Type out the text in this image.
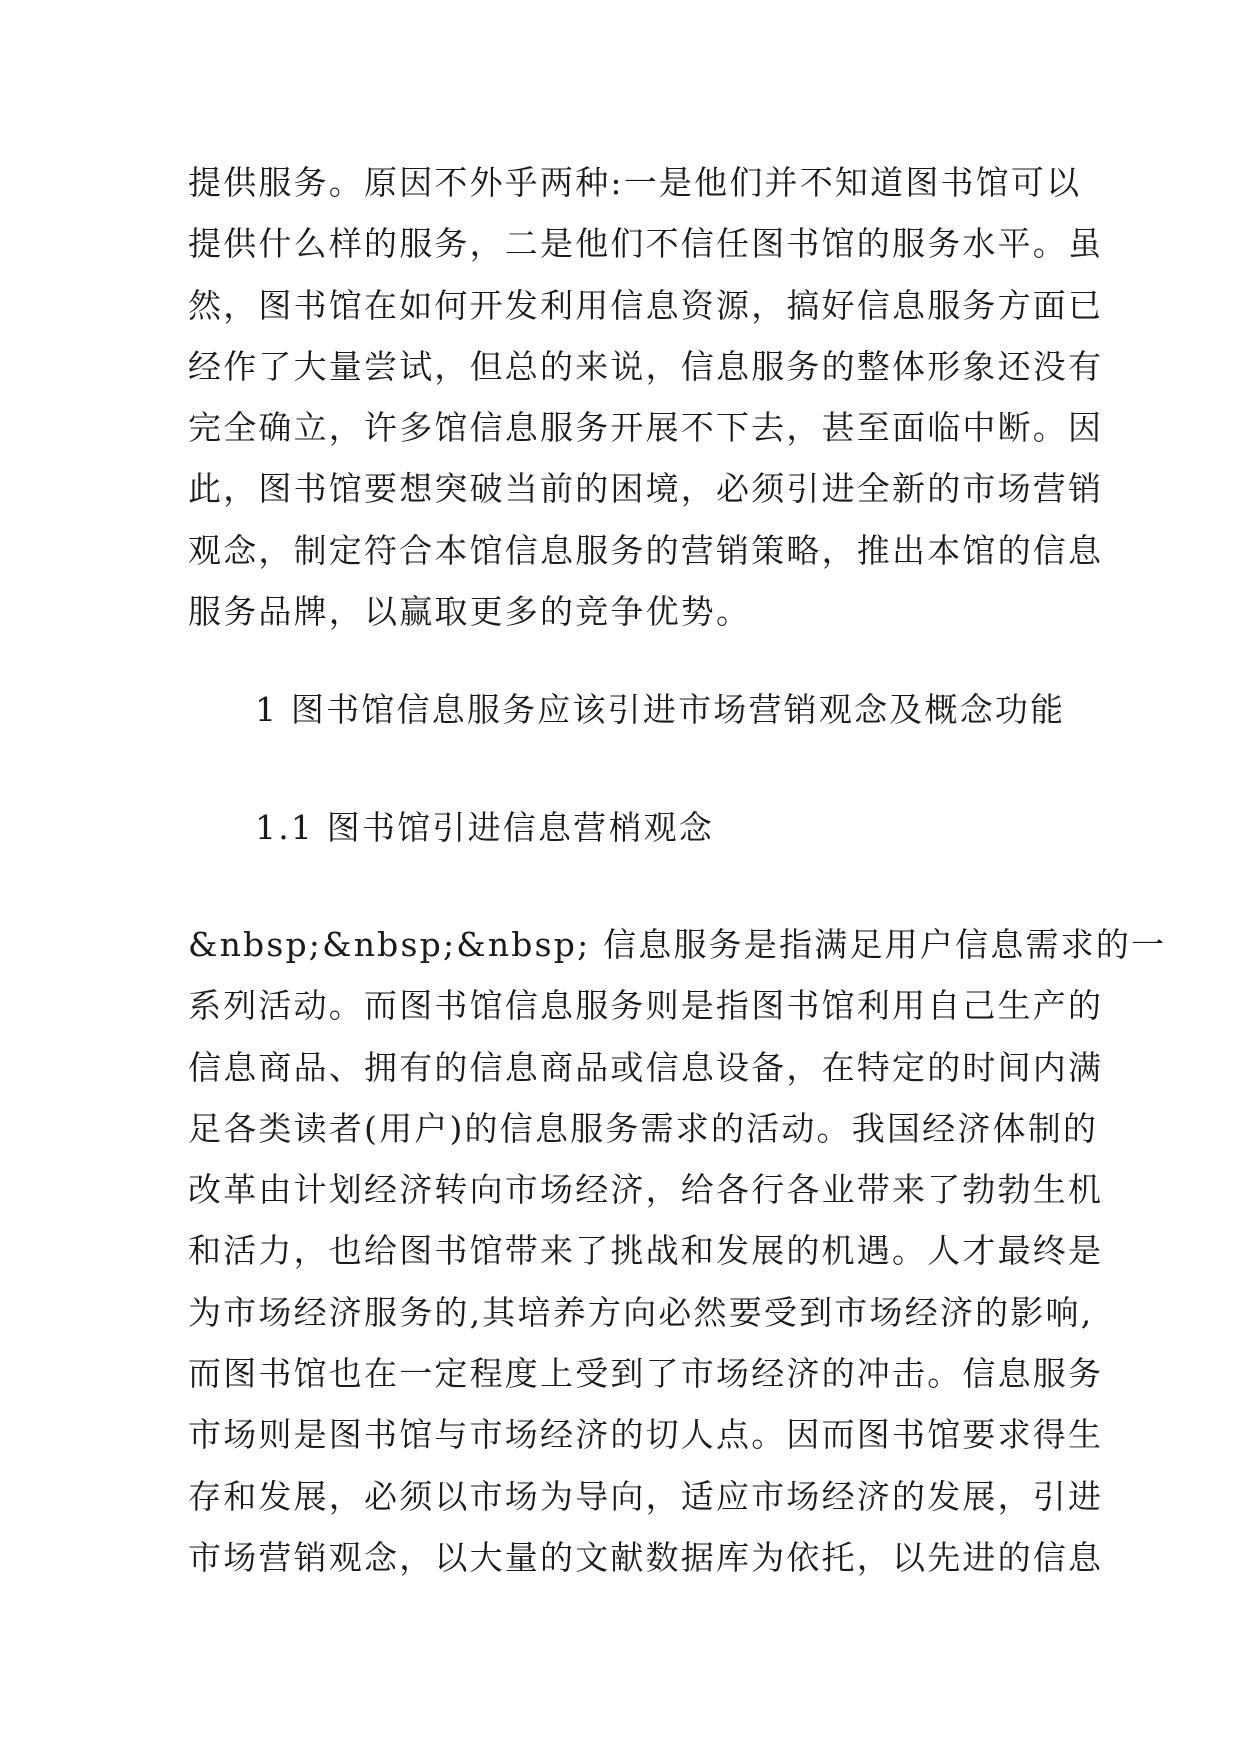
提供服务。原因不外乎两种:一是他们并不知道图书馆可以
提供什么样的服务，二是他们不信任图书馆的服务水平。虽
然，图书馆在如何开发利用信息资源，搞好信息服务方面已
经作了大量尝试，但总的来说，信息服务的整体形象还没有
完全确立，许多馆信息服务开展不下去，甚至面临中断。因
此，图书馆要想突破当前的困境，必须引进全新的市场营销
观念，制定符合本馆信息服务的营销策略，推出本馆的信息
服务品牌，以赢取更多的竞争优势。
1 图书馆信息服务应该引进市场营销观念及概念功能
1.1 图书馆引进信息营梢观念
&nbsp;&nbsp;&nbsp; 信息服务是指满足用户信息需求的一
系列活动。而图书馆信息服务则是指图书馆利用自己生产的
信息商品、拥有的信息商品或信息设备，在特定的时间内满
足各类读者(用户)的信息服务需求的活动。我国经济体制的
改革由计划经济转向市场经济，给各行各业带来了勃勃生机
和活力，也给图书馆带来了挑战和发展的机遇。人才最终是
为市场经济服务的,其培养方向必然要受到市场经济的影响,
而图书馆也在一定程度上受到了市场经济的冲击。信息服务
市场则是图书馆与市场经济的切人点。因而图书馆要求得生
存和发展，必须以市场为导向，适应市场经济的发展，引进
市场营销观念，以大量的文献数据库为依托，以先进的信息
